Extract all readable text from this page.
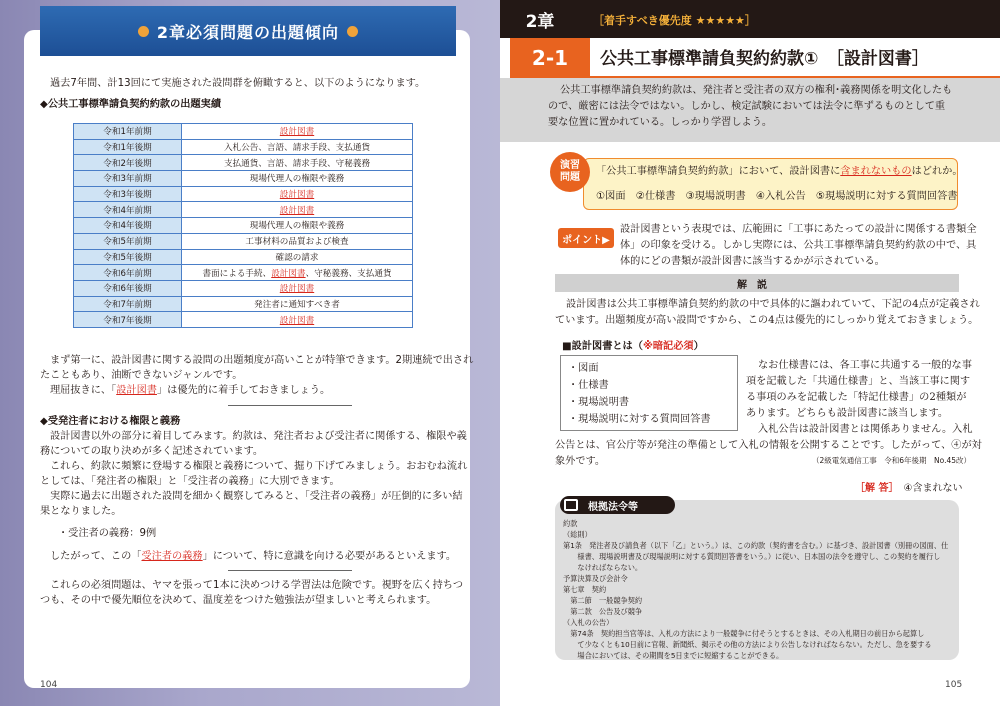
2章必須問題の出題傾向
過去7年間、計13回にて実施された設問群を俯瞰すると、以下のようになります。
◆公共工事標準請負契約約款の出題実績
令和1年前期	設計図書
令和1年後期	入札公告、言語、請求手段、支払通貨
令和2年後期	支払通貨、言語、請求手段、守秘義務
令和3年前期	現場代理人の権限や義務
令和3年後期	設計図書
令和4年前期	設計図書
令和4年後期	現場代理人の権限や義務
令和5年前期	工事材料の品質および検査
令和5年後期	確認の請求
令和6年前期	書面による手続、設計図書、守秘義務、支払通貨
令和6年後期	設計図書
令和7年前期	発注者に通知すべき者
令和7年後期	設計図書
まず第一に、設計図書に関する設問の出題頻度が高いことが特筆できます。2期連続で出され
たこともあり、油断できないジャンルです。
理屈抜きに、「設計図書」は優先的に着手しておきましょう。
◆受発注者における権限と義務
設計図書以外の部分に着目してみます。約款は、発注者および受注者に関係する、権限や義
務についての取り決めが多く記述されています。
これら、約款に頻繁に登場する権限と義務について、掘り下げてみましょう。おおむね流れ
としては、「発注者の権限」と「受注者の義務」に大別できます。
実際に過去に出題された設問を細かく観察してみると、「受注者の義務」が圧倒的に多い結
果となりました。
・受注者の義務：9例
したがって、この「受注者の義務」について、特に意識を向ける必要があるといえます。
これらの必須問題は、ヤマを張って1本に決めつける学習法は危険です。視野を広く持ちつ
つも、その中で優先順位を決めて、温度差をつけた勉強法が望ましいと考えられます。
104
2章	［着手すべき優先度 ★★★★★］
2-1	公共工事標準請負契約約款①　［設計図書］
公共工事標準請負契約約款は、発注者と受注者の双方の権利･義務関係を明文化したも
ので、厳密には法令ではない。しかし、検定試験においては法令に準ずるものとして重
要な位置に置かれている。しっかり学習しよう。
演習
問題
「公共工事標準請負契約約款」において、設計図書に含まれないものはどれか。
①図面　②仕様書　③現場説明書　④入札公告　⑤現場説明に対する質問回答書
ポイント▶
設計図書という表現では、広範囲に「工事にあたっての設計に関係する書類全
体」の印象を受ける。しかし実際には、公共工事標準請負契約約款の中で、具
体的にどの書類が設計図書に該当するかが示されている。
解説
設計図書は公共工事標準請負契約約款の中で具体的に謳われていて、下記の4点が定義され
ています。出題頻度が高い設問ですから、この4点は優先的にしっかり覚えておきましょう。
■設計図書とは（※暗記必須）
・図面
・仕様書
・現場説明書
・現場説明に対する質問回答書
なお仕様書には、各工事に共通する一般的な事
項を記載した「共通仕様書」と、当該工事に関す
る事項のみを記載した「特記仕様書」の2種類が
あります。どちらも設計図書に該当します。
入札公告は設計図書とは関係ありません。入札
公告とは、官公庁等が発注の準備として入札の情報を公開することです。したがって、④が対
象外です。	（2級電気通信工事　令和6年後期　No.45改）
［解 答］　 ④含まれない
根拠法令等
約款
（総則）
第1条　発注者及び請負者（以下「乙」という。）は、この約款（契約書を含む。）に基づき、設計図書（別冊の図面、仕
　　様書、現場説明書及び現場説明に対する質問回答書をいう。）に従い、日本国の法令を遵守し、この契約を履行し
　　なければならない。
予算決算及び会計令
第七章　契約
　第二節　一般競争契約
　第二款　公告及び競争
（入札の公告）
　第74条　契約担当官等は、入札の方法により一般競争に付そうとするときは、その入札期日の前日から起算し
　　て少なくとも10日前に官報、新聞紙、掲示その他の方法により公告しなければならない。ただし、急を要する
　　場合においては、その期間を5日までに短縮することができる。
105
